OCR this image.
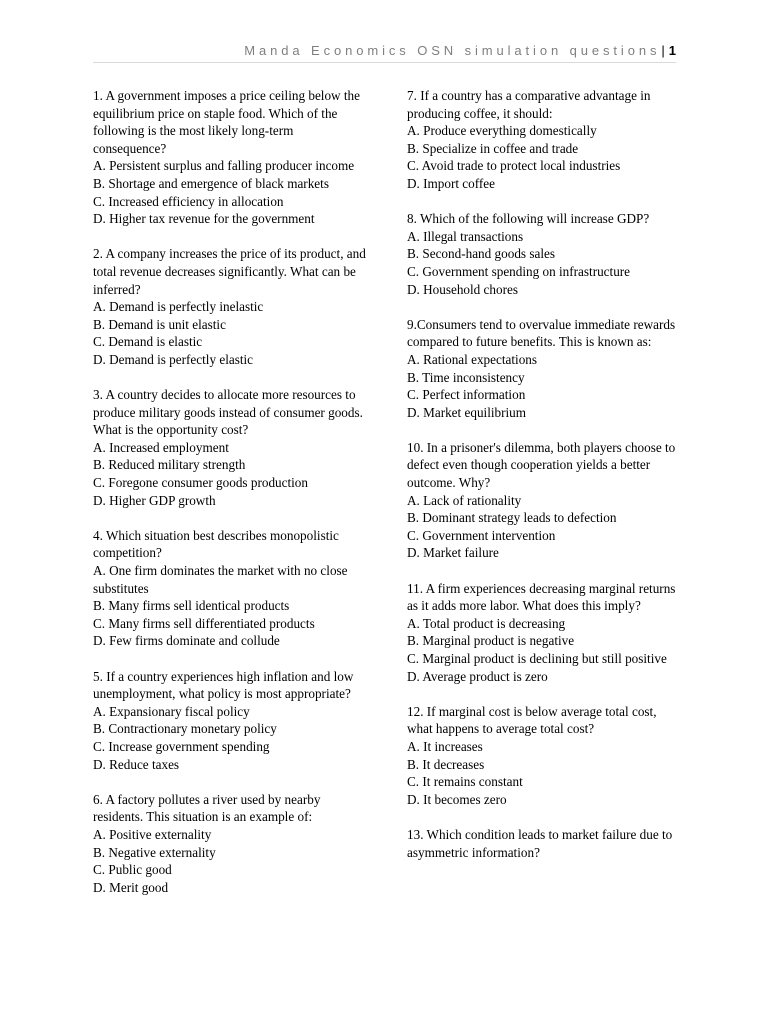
Manda Economics OSN simulation questions| 1
1. A government imposes a price ceiling below the equilibrium price on staple food. Which of the following is the most likely long-term consequence?
A. Persistent surplus and falling producer income
B. Shortage and emergence of black markets
C. Increased efficiency in allocation
D. Higher tax revenue for the government
2. A company increases the price of its product, and total revenue decreases significantly. What can be inferred?
A. Demand is perfectly inelastic
B. Demand is unit elastic
C. Demand is elastic
D. Demand is perfectly elastic
3. A country decides to allocate more resources to produce military goods instead of consumer goods. What is the opportunity cost?
A. Increased employment
B. Reduced military strength
C. Foregone consumer goods production
D. Higher GDP growth
4. Which situation best describes monopolistic competition?
A. One firm dominates the market with no close substitutes
B. Many firms sell identical products
C. Many firms sell differentiated products
D. Few firms dominate and collude
5. If a country experiences high inflation and low unemployment, what policy is most appropriate?
A. Expansionary fiscal policy
B. Contractionary monetary policy
C. Increase government spending
D. Reduce taxes
6. A factory pollutes a river used by nearby residents. This situation is an example of:
A. Positive externality
B. Negative externality
C. Public good
D. Merit good
7. If a country has a comparative advantage in producing coffee, it should:
A. Produce everything domestically
B. Specialize in coffee and trade
C. Avoid trade to protect local industries
D. Import coffee
8. Which of the following will increase GDP?
A. Illegal transactions
B. Second-hand goods sales
C. Government spending on infrastructure
D. Household chores
9.Consumers tend to overvalue immediate rewards compared to future benefits. This is known as:
A. Rational expectations
B. Time inconsistency
C. Perfect information
D. Market equilibrium
10. In a prisoner's dilemma, both players choose to defect even though cooperation yields a better outcome. Why?
A. Lack of rationality
B. Dominant strategy leads to defection
C. Government intervention
D. Market failure
11. A firm experiences decreasing marginal returns as it adds more labor. What does this imply?
A. Total product is decreasing
B. Marginal product is negative
C. Marginal product is declining but still positive
D. Average product is zero
12. If marginal cost is below average total cost, what happens to average total cost?
A. It increases
B. It decreases
C. It remains constant
D. It becomes zero
13. Which condition leads to market failure due to asymmetric information?
